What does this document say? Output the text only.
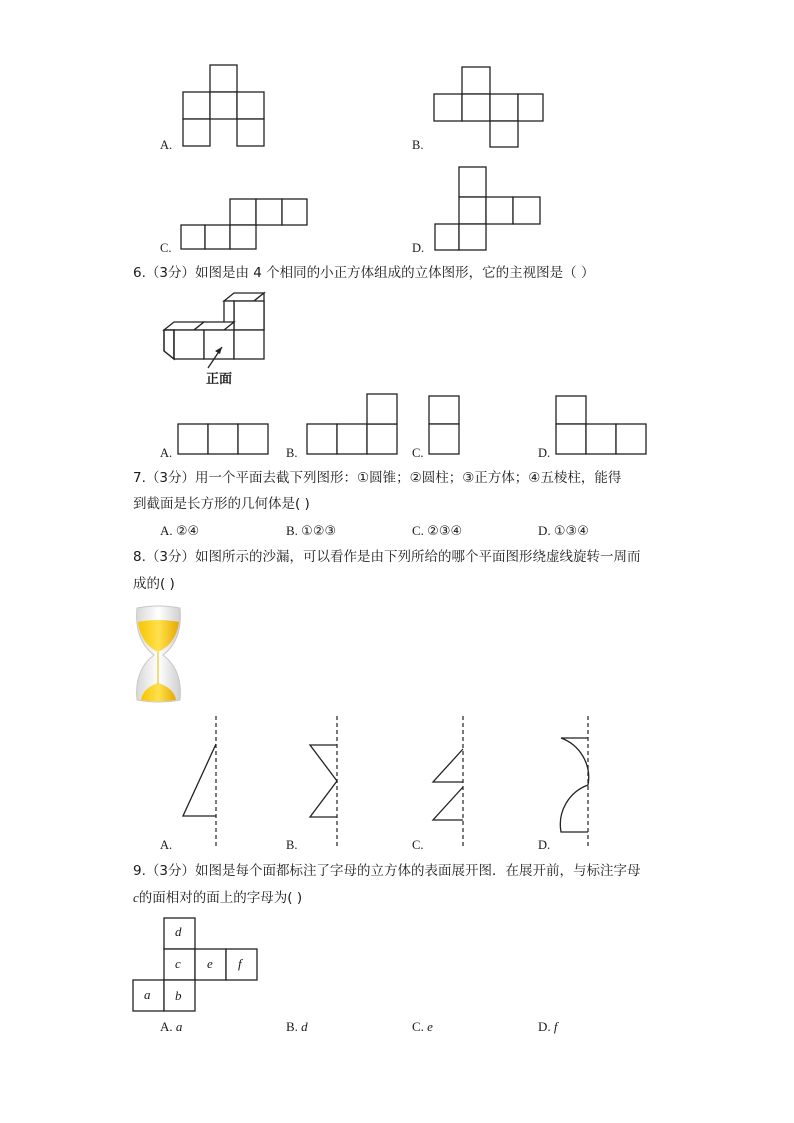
A.	B.
C.	D.
6.（3分）如图是由 4 个相同的小正方体组成的立体图形，它的主视图是（ ）
正面
A.	B.	C.	D.
7.（3分）用一个平面去截下列图形：①圆锥；②圆柱；③正方体；④五棱柱，能得
到截面是长方形的几何体是( )
A. ②④	B. ①②③	C. ②③④	D. ①③④
8.（3分）如图所示的沙漏，可以看作是由下列所给的哪个平面图形绕虚线旋转一周而
成的( )
A.	B.	C.	D.
9.（3分）如图是每个面都标注了字母的立方体的表面展开图．在展开前，与标注字母
c的面相对的面上的字母为( )
d
c e f
a b
A. a	B. d	C. e	D. f
